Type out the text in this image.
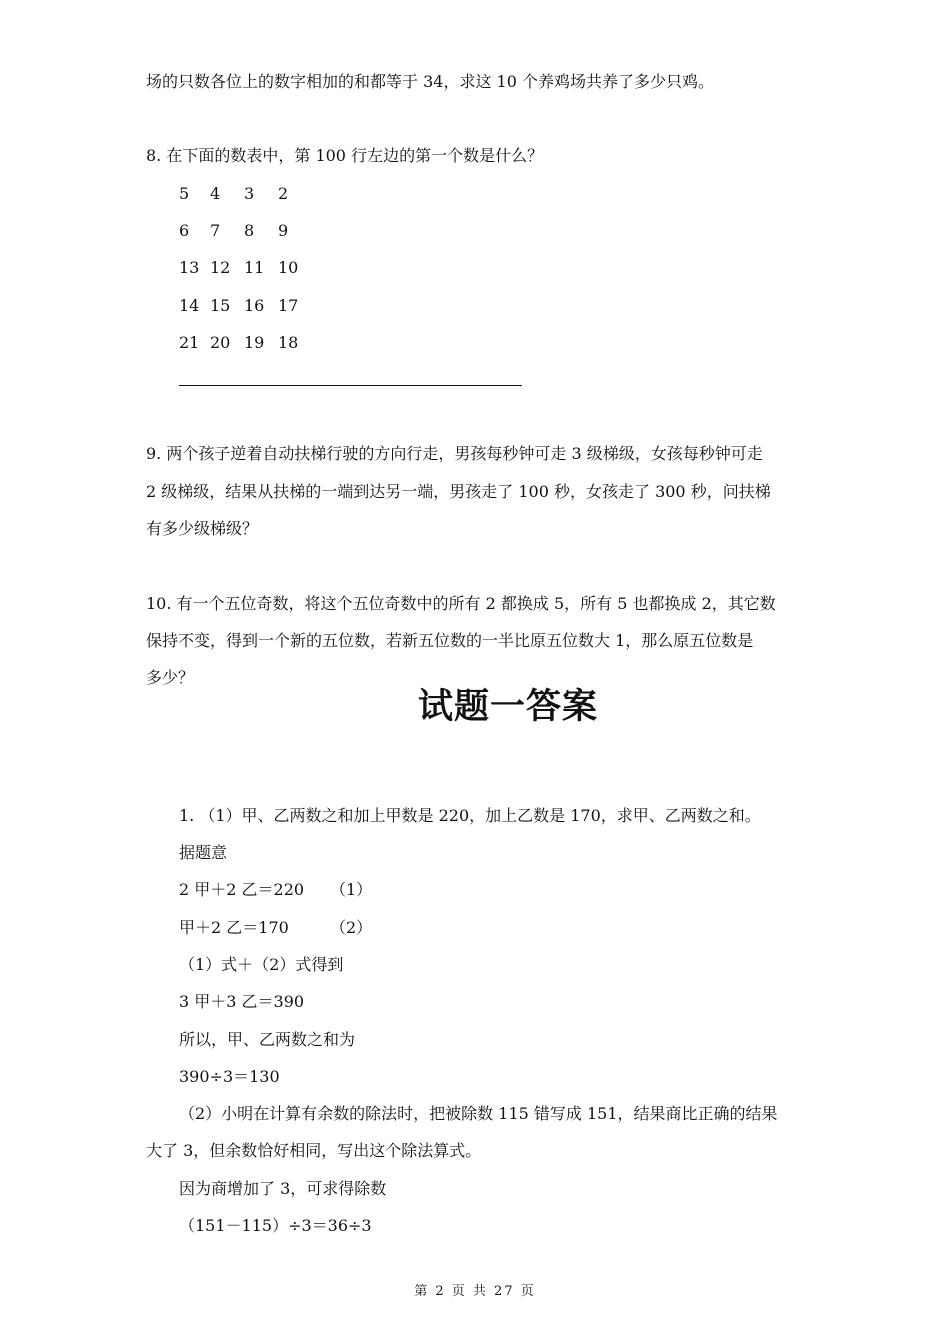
场的只数各位上的数字相加的和都等于 34，求这 10 个养鸡场共养了多少只鸡。
8. 在下面的数表中，第 100 行左边的第一个数是什么？
5 4 3 2
6 7 8 9
13 12 11 10
14 15 16 17
21 20 19 18
9. 两个孩子逆着自动扶梯行驶的方向行走，男孩每秒钟可走 3 级梯级，女孩每秒钟可走
2 级梯级，结果从扶梯的一端到达另一端，男孩走了 100 秒，女孩走了 300 秒，问扶梯
有多少级梯级？
10. 有一个五位奇数，将这个五位奇数中的所有 2 都换成 5，所有 5 也都换成 2，其它数
保持不变，得到一个新的五位数，若新五位数的一半比原五位数大 1，那么原五位数是
多少？
试题一答案
1. （1）甲、乙两数之和加上甲数是 220，加上乙数是 170，求甲、乙两数之和。
据题意
2 甲＋2 乙＝220 （1）
甲＋2 乙＝170	（2）
（1）式＋（2）式得到
3 甲＋3 乙＝390
所以，甲、乙两数之和为
390÷3＝130
（2）小明在计算有余数的除法时，把被除数 115 错写成 151，结果商比正确的结果
大了 3，但余数恰好相同，写出这个除法算式。
因为商增加了 3，可求得除数
（151－115）÷3＝36÷3
第 2 页 共 27 页
